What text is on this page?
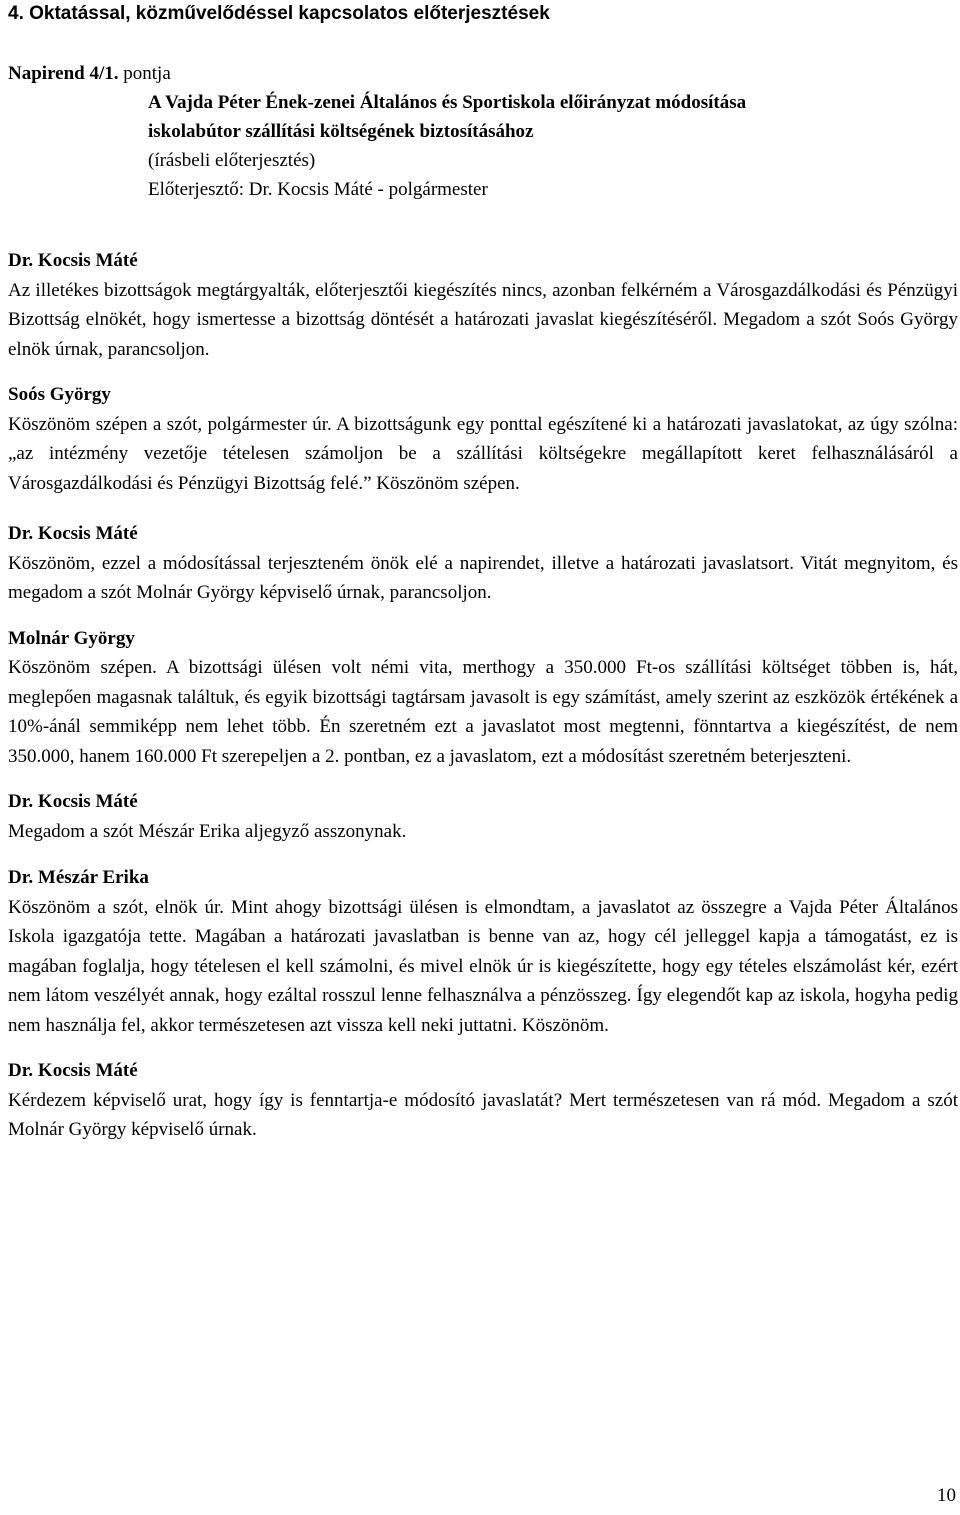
4. Oktatással, közművelődéssel kapcsolatos előterjesztések
Napirend 4/1. pontja
A Vajda Péter Ének-zenei Általános és Sportiskola előirányzat módosítása
iskolabútor szállítási költségének biztosításához
(írásbeli előterjesztés)
Előterjesztő: Dr. Kocsis Máté - polgármester
Dr. Kocsis Máté
Az illetékes bizottságok megtárgyalták, előterjesztői kiegészítés nincs, azonban felkérném a Városgazdálkodási és Pénzügyi Bizottság elnökét, hogy ismertesse a bizottság döntését a határozati javaslat kiegészítéséről. Megadom a szót Soós György elnök úrnak, parancsoljon.
Soós György
Köszönöm szépen a szót, polgármester úr. A bizottságunk egy ponttal egészítené ki a határozati javaslatokat, az úgy szólna: „az intézmény vezetője tételesen számoljon be a szállítási költségekre megállapított keret felhasználásáról a Városgazdálkodási és Pénzügyi Bizottság felé.” Köszönöm szépen.
Dr. Kocsis Máté
Köszönöm, ezzel a módosítással terjeszteném önök elé a napirendet, illetve a határozati javaslatsort. Vitát megnyitom, és megadom a szót Molnár György képviselő úrnak, parancsoljon.
Molnár György
Köszönöm szépen. A bizottsági ülésen volt némi vita, merthogy a 350.000 Ft-os szállítási költséget többen is, hát, meglepően magasnak találtuk, és egyik bizottsági tagtársam javasolt is egy számítást, amely szerint az eszközök értékének a 10%-ánál semmiképp nem lehet több. Én szeretném ezt a javaslatot most megtenni, fönntartva a kiegészítést, de nem 350.000, hanem 160.000 Ft szerepeljen a 2. pontban, ez a javaslatom, ezt a módosítást szeretném beterjeszteni.
Dr. Kocsis Máté
Megadom a szót Mészár Erika aljegyző asszonynak.
Dr. Mészár Erika
Köszönöm a szót, elnök úr. Mint ahogy bizottsági ülésen is elmondtam, a javaslatot az összegre a Vajda Péter Általános Iskola igazgatója tette. Magában a határozati javaslatban is benne van az, hogy cél jelleggel kapja a támogatást, ez is magában foglalja, hogy tételesen el kell számolni, és mivel elnök úr is kiegészítette, hogy egy tételes elszámolást kér, ezért nem látom veszélyét annak, hogy ezáltal rosszul lenne felhasználva a pénzösszeg. Így elegendőt kap az iskola, hogyha pedig nem használja fel, akkor természetesen azt vissza kell neki juttatni. Köszönöm.
Dr. Kocsis Máté
Kérdezem képviselő urat, hogy így is fenntartja-e módosító javaslatát? Mert természetesen van rá mód. Megadom a szót Molnár György képviselő úrnak.
10
